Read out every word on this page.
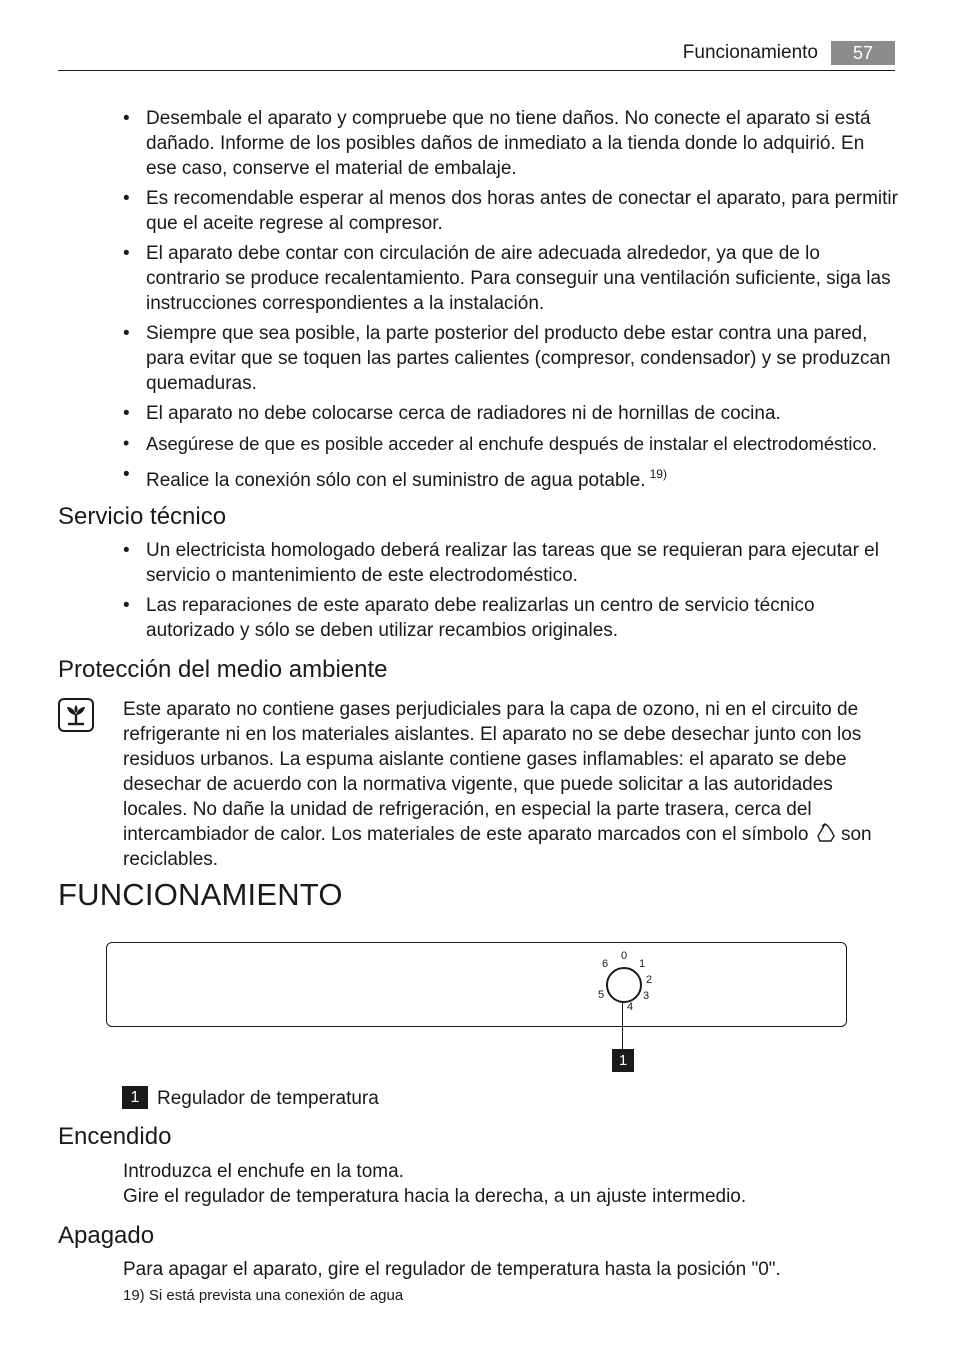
Funcionamiento	57
• Desembale el aparato y compruebe que no tiene daños. No conecte el aparato si está dañado. Informe de los posibles daños de inmediato a la tienda donde lo adquirió. En ese caso, conserve el material de embalaje.
• Es recomendable esperar al menos dos horas antes de conectar el aparato, para permitir que el aceite regrese al compresor.
• El aparato debe contar con circulación de aire adecuada alrededor, ya que de lo contrario se produce recalentamiento. Para conseguir una ventilación suficiente, siga las instrucciones correspondientes a la instalación.
• Siempre que sea posible, la parte posterior del producto debe estar contra una pared, para evitar que se toquen las partes calientes (compresor, condensador) y se produzcan quemaduras.
• El aparato no debe colocarse cerca de radiadores ni de hornillas de cocina.
• Asegúrese de que es posible acceder al enchufe después de instalar el electrodoméstico.
• Realice la conexión sólo con el suministro de agua potable. $^{19)}$
Servicio técnico
• Un electricista homologado deberá realizar las tareas que se requieran para ejecutar el servicio o mantenimiento de este electrodoméstico.
• Las reparaciones de este aparato debe realizarlas un centro de servicio técnico autorizado y sólo se deben utilizar recambios originales.
Protección del medio ambiente
Este aparato no contiene gases perjudiciales para la capa de ozono, ni en el circuito de refrigerante ni en los materiales aislantes. El aparato no se debe desechar junto con los residuos urbanos. La espuma aislante contiene gases inflamables: el aparato se debe desechar de acuerdo con la normativa vigente, que puede solicitar a las autoridades locales. No dañe la unidad de refrigeración, en especial la parte trasera, cerca del intercambiador de calor. Los materiales de este aparato marcados con el símbolo son reciclables.
FUNCIONAMIENTO
0
1
2
3
4
5
6
1
1 Regulador de temperatura
Encendido
Introduzca el enchufe en la toma.
Gire el regulador de temperatura hacia la derecha, a un ajuste intermedio.
Apagado
Para apagar el aparato, gire el regulador de temperatura hasta la posición "0".
19) Si está prevista una conexión de agua
